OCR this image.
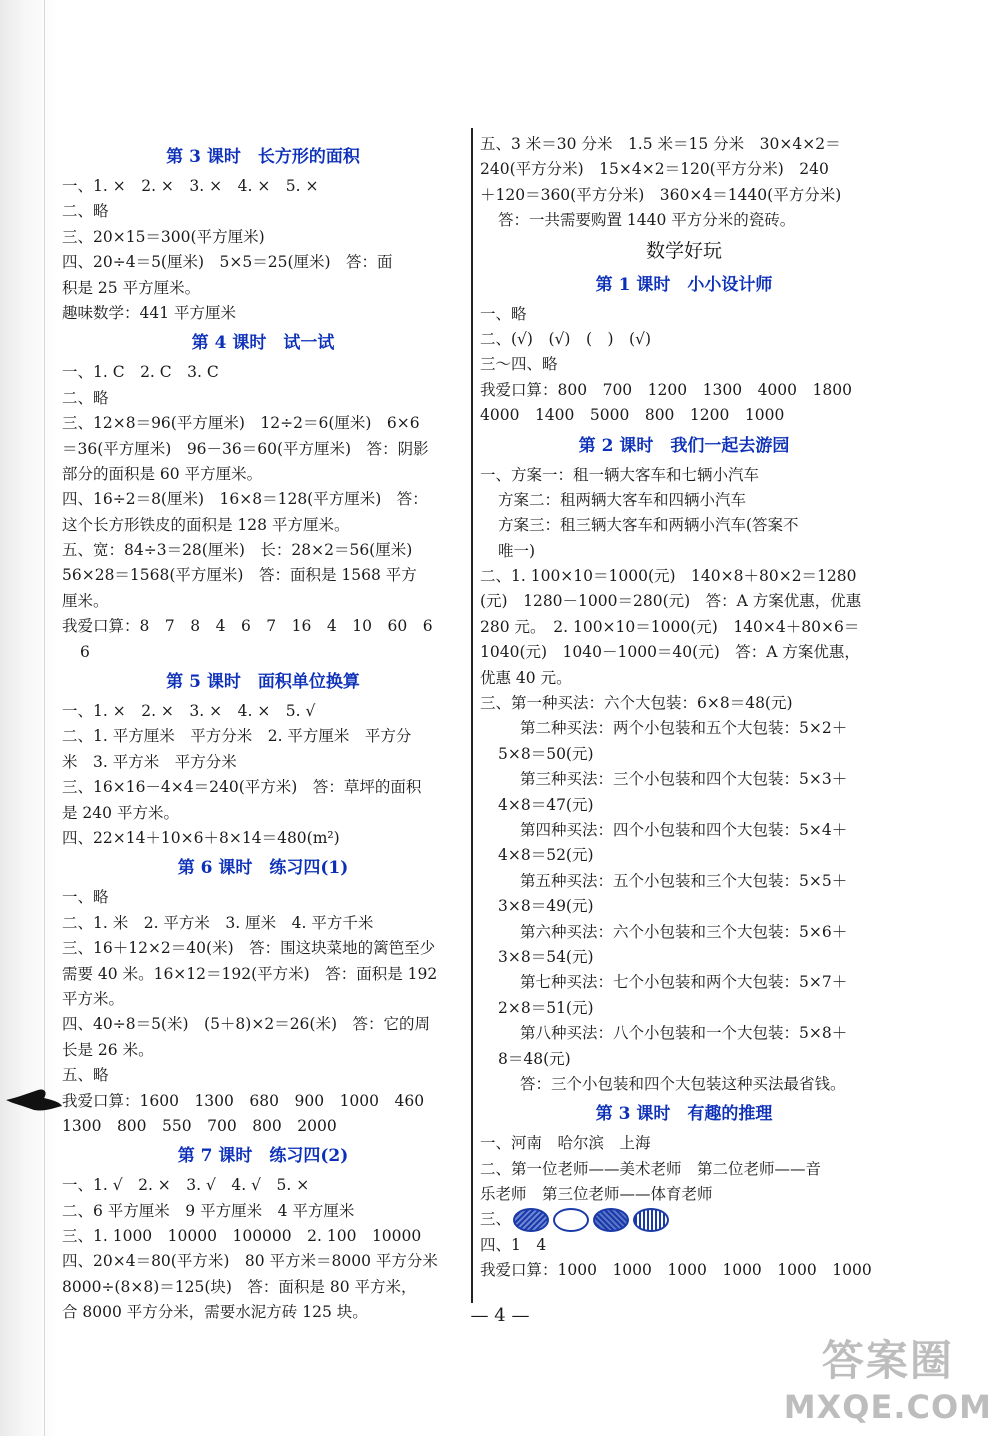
第 3 课时　长方形的面积
一、1. ×　2. ×　3. ×　4. ×　5. ×
二、略
三、20×15＝300(平方厘米)
四、20÷4＝5(厘米)　5×5＝25(厘米)　答：面
积是 25 平方厘米。
趣味数学：441 平方厘米
第 4 课时　试一试
一、1. C　2. C　3. C
二、略
三、12×8＝96(平方厘米)　12÷2＝6(厘米)　6×6
＝36(平方厘米)　96－36＝60(平方厘米)　答：阴影
部分的面积是 60 平方厘米。
四、16÷2＝8(厘米)　16×8＝128(平方厘米)　答：
这个长方形铁皮的面积是 128 平方厘米。
五、宽：84÷3＝28(厘米)　长：28×2＝56(厘米)
56×28＝1568(平方厘米)　答：面积是 1568 平方
厘米。
我爱口算：8　7　8　4　6　7　16　4　10　60　6
6
第 5 课时　面积单位换算
一、1. ×　2. ×　3. ×　4. ×　5. √
二、1. 平方厘米　平方分米　2. 平方厘米　平方分
米　3. 平方米　平方分米
三、16×16－4×4＝240(平方米)　答：草坪的面积
是 240 平方米。
四、22×14＋10×6＋8×14＝480(m²)
第 6 课时　练习四(1)
一、略
二、1. 米　2. 平方米　3. 厘米　4. 平方千米
三、16＋12×2＝40(米)　答：围这块菜地的篱笆至少
需要 40 米。16×12＝192(平方米)　答：面积是 192
平方米。
四、40÷8＝5(米)　(5＋8)×2＝26(米)　答：它的周
长是 26 米。
五、略
我爱口算：1600　1300　680　900　1000　460
1300　800　550　700　800　2000
第 7 课时　练习四(2)
一、1. √　2. ×　3. √　4. √　5. ×
二、6 平方厘米　9 平方厘米　4 平方厘米
三、1. 1000　10000　100000　2. 100　10000
四、20×4＝80(平方米)　80 平方米＝8000 平方分米
8000÷(8×8)＝125(块)　答：面积是 80 平方米，
合 8000 平方分米，需要水泥方砖 125 块。
五、3 米＝30 分米　1.5 米＝15 分米　30×4×2＝
240(平方分米)　15×4×2＝120(平方分米)　240
＋120＝360(平方分米)　360×4＝1440(平方分米)
答：一共需要购置 1440 平方分米的瓷砖。
数学好玩
第 1 课时　小小设计师
一、略
二、(√)　(√)　(　)　(√)
三～四、略
我爱口算：800　700　1200　1300　4000　1800
4000　1400　5000　800　1200　1000
第 2 课时　我们一起去游园
一、方案一：租一辆大客车和七辆小汽车
方案二：租两辆大客车和四辆小汽车
方案三：租三辆大客车和两辆小汽车(答案不
唯一)
二、1. 100×10＝1000(元)　140×8＋80×2＝1280
(元)　1280－1000＝280(元)　答：A 方案优惠，优惠
280 元。　2. 100×10＝1000(元)　140×4＋80×6＝
1040(元)　1040－1000＝40(元)　答：A 方案优惠，
优惠 40 元。
三、第一种买法：六个大包装：6×8＝48(元)
第二种买法：两个小包装和五个大包装：5×2＋
5×8＝50(元)
第三种买法：三个小包装和四个大包装：5×3＋
4×8＝47(元)
第四种买法：四个小包装和四个大包装：5×4＋
4×8＝52(元)
第五种买法：五个小包装和三个大包装：5×5＋
3×8＝49(元)
第六种买法：六个小包装和三个大包装：5×6＋
3×8＝54(元)
第七种买法：七个小包装和两个大包装：5×7＋
2×8＝51(元)
第八种买法：八个小包装和一个大包装：5×8＋
8＝48(元)
答：三个小包装和四个大包装这种买法最省钱。
第 3 课时　有趣的推理
一、河南　哈尔滨　上海
二、第一位老师——美术老师　第二位老师——音
乐老师　第三位老师——体育老师
三、
四、1　4
我爱口算：1000　1000　1000　1000　1000　1000
— 4 —
答案圈
MXQE.COM
